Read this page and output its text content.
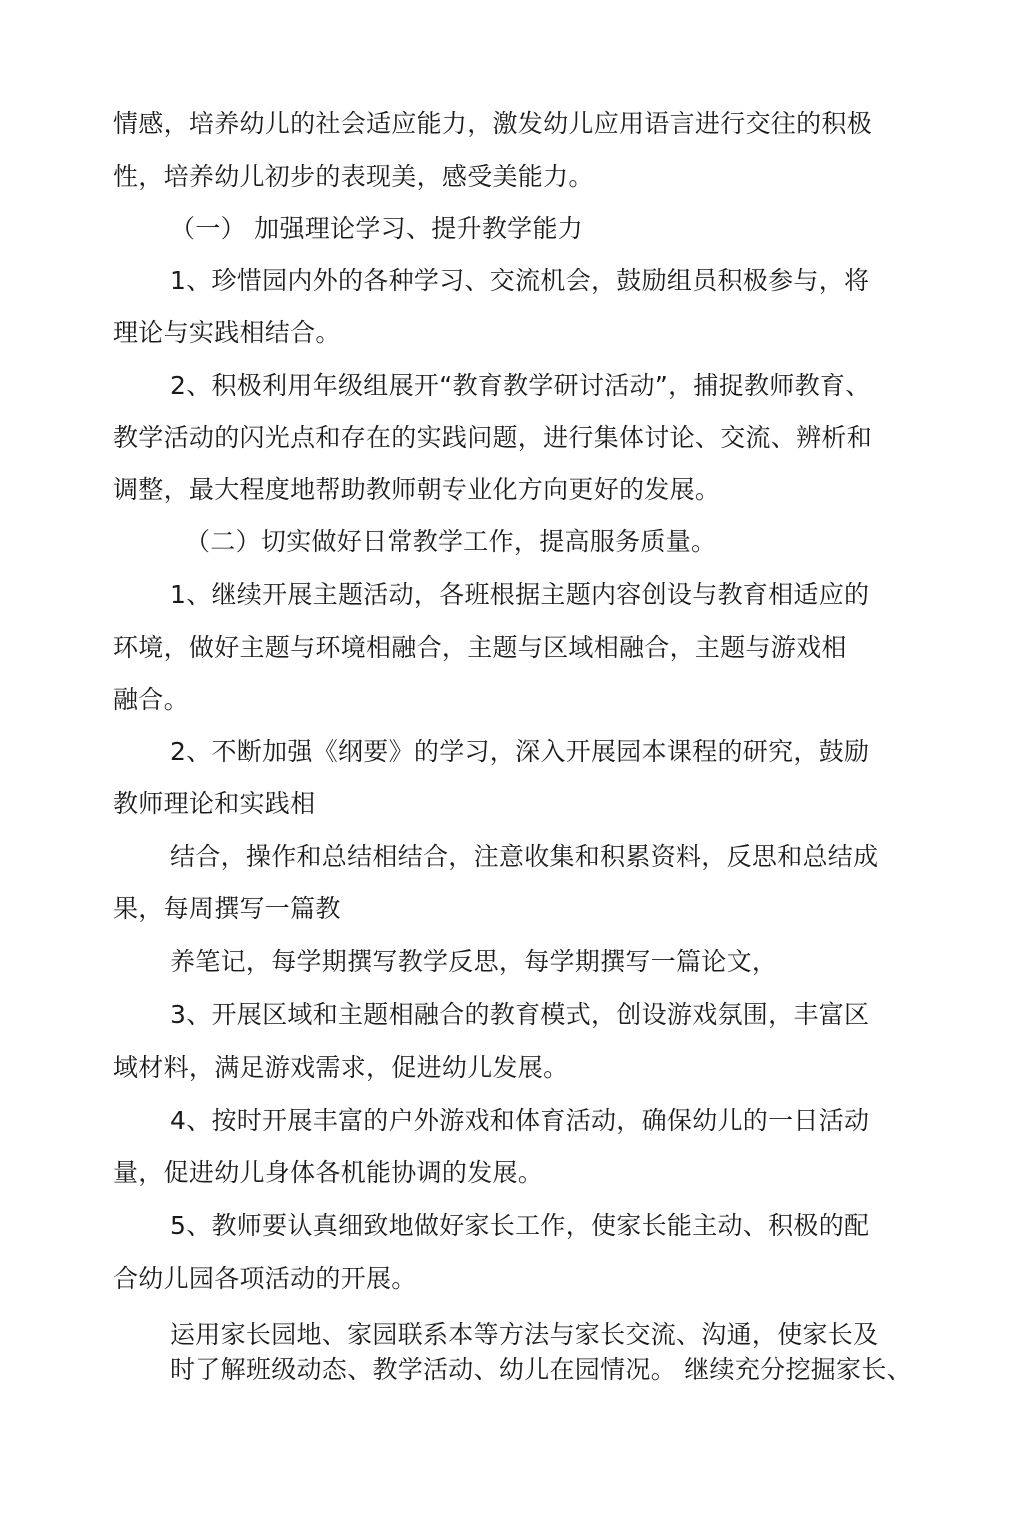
情感，培养幼儿的社会适应能力，激发幼儿应用语言进行交往的积极
性，培养幼儿初步的表现美，感受美能力。
（一） 加强理论学习、提升教学能力
1、珍惜园内外的各种学习、交流机会，鼓励组员积极参与，将
理论与实践相结合。
2、积极利用年级组展开“教育教学研讨活动”，捕捉教师教育、
教学活动的闪光点和存在的实践问题，进行集体讨论、交流、辨析和
调整，最大程度地帮助教师朝专业化方向更好的发展。
（二）切实做好日常教学工作，提高服务质量。
1、继续开展主题活动，各班根据主题内容创设与教育相适应的
环境，做好主题与环境相融合，主题与区域相融合，主题与游戏相
融合。
2、不断加强《纲要》的学习，深入开展园本课程的研究，鼓励
教师理论和实践相
结合，操作和总结相结合，注意收集和积累资料，反思和总结成
果，每周撰写一篇教
养笔记，每学期撰写教学反思，每学期撰写一篇论文，
3、开展区域和主题相融合的教育模式，创设游戏氛围，丰富区
域材料，满足游戏需求，促进幼儿发展。
4、按时开展丰富的户外游戏和体育活动，确保幼儿的一日活动
量，促进幼儿身体各机能协调的发展。
5、教师要认真细致地做好家长工作，使家长能主动、积极的配
合幼儿园各项活动的开展。
运用家长园地、家园联系本等方法与家长交流、沟通，使家长及
时了解班级动态、教学活动、幼儿在园情况。 继续充分挖掘家长、
